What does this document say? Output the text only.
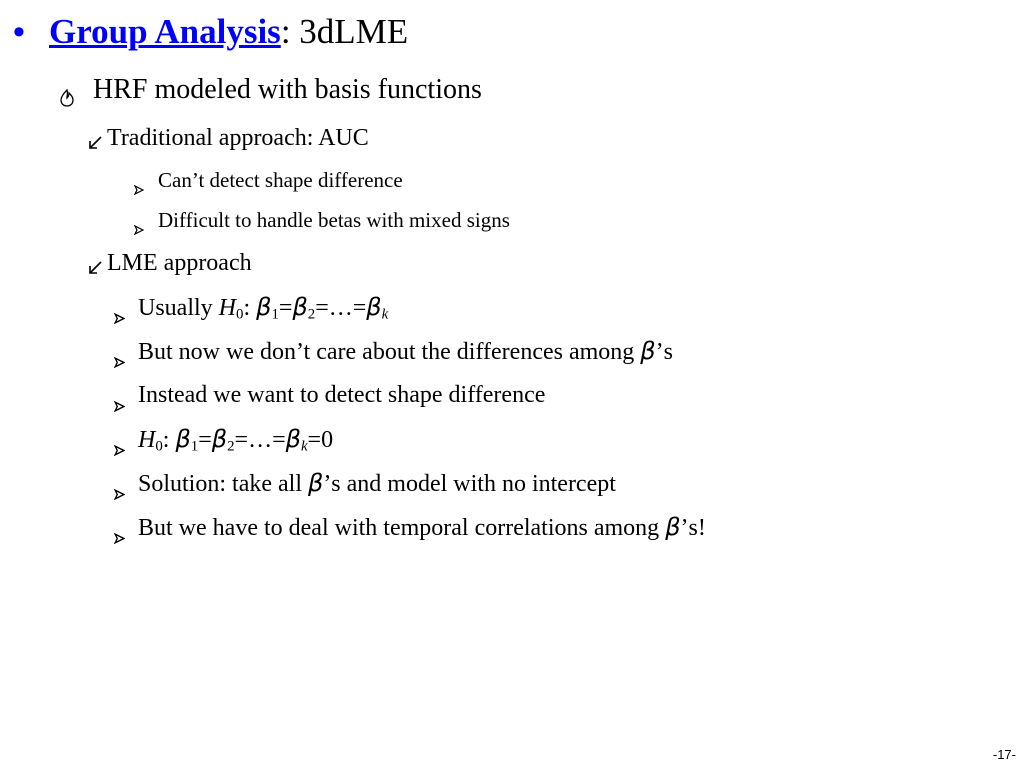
• Group Analysis: 3dLME
HRF modeled with basis functions
Traditional approach: AUC
Can’t detect shape difference
Difficult to handle betas with mixed signs
LME approach
Usually $H_0$: $\beta_1=\beta_2=\dots=\beta_k$
But now we don’t care about the differences among β’s
Instead we want to detect shape difference
$H_0$: $\beta_1=\beta_2=\dots=\beta_k=0$
Solution: take all β’s and model with no intercept
But we have to deal with temporal correlations among β’s!
-17-
